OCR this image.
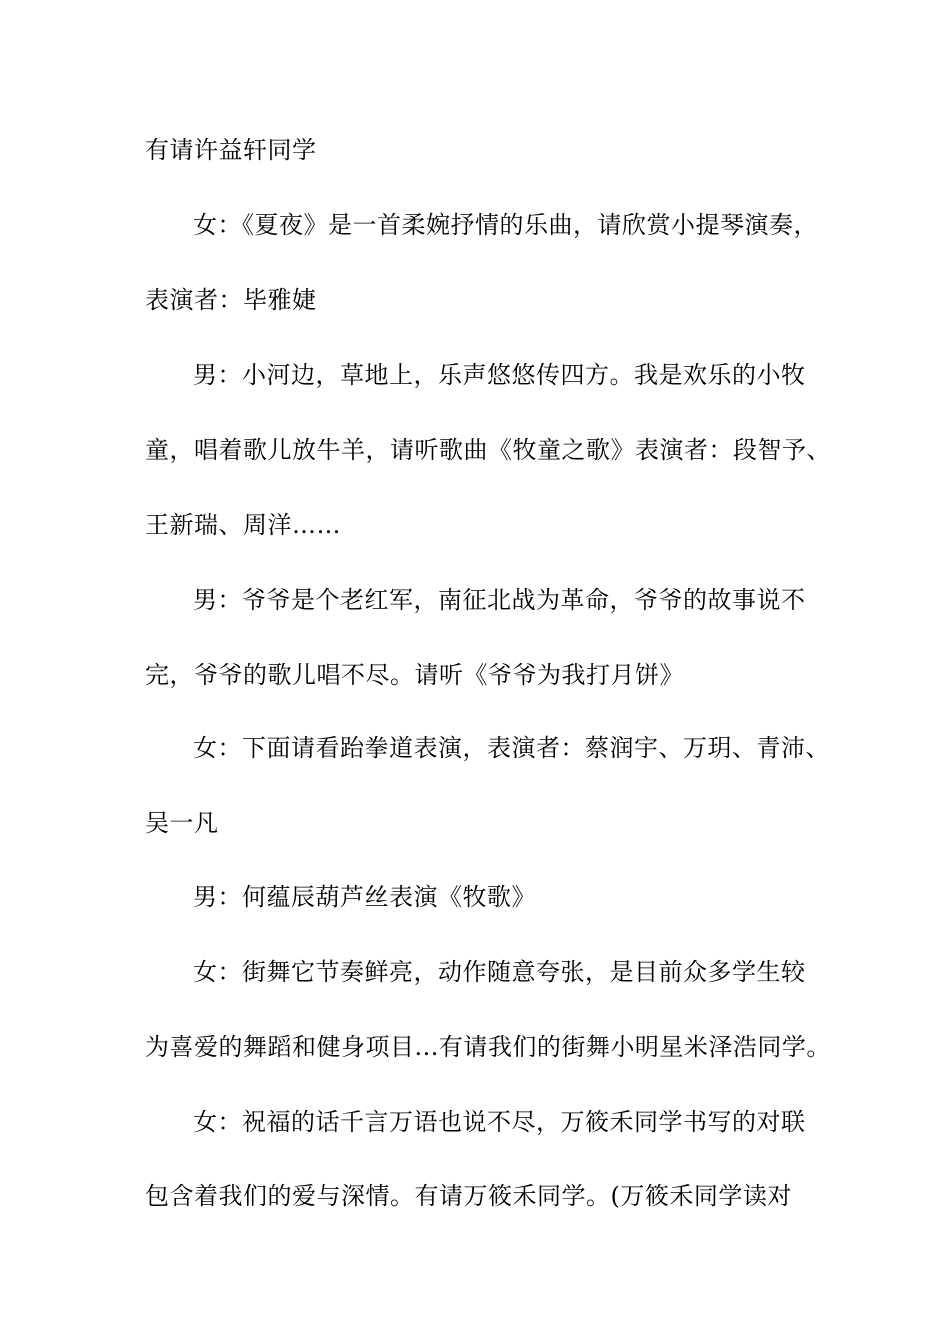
有请许益轩同学
女：《夏夜》是一首柔婉抒情的乐曲，请欣赏小提琴演奏，
表演者：毕雅婕
男：小河边，草地上，乐声悠悠传四方。我是欢乐的小牧
童，唱着歌儿放牛羊，请听歌曲《牧童之歌》表演者：段智予、
王新瑞、周洋……
男：爷爷是个老红军，南征北战为革命，爷爷的故事说不
完，爷爷的歌儿唱不尽。请听《爷爷为我打月饼》
女：下面请看跆拳道表演，表演者：蔡润宇、万玥、青沛、
吴一凡
男：何蕴辰葫芦丝表演《牧歌》
女：街舞它节奏鲜亮，动作随意夸张，是目前众多学生较
为喜爱的舞蹈和健身项目...有请我们的街舞小明星米泽浩同学。
女：祝福的话千言万语也说不尽，万筱禾同学书写的对联
包含着我们的爱与深情。有请万筱禾同学。(万筱禾同学读对
